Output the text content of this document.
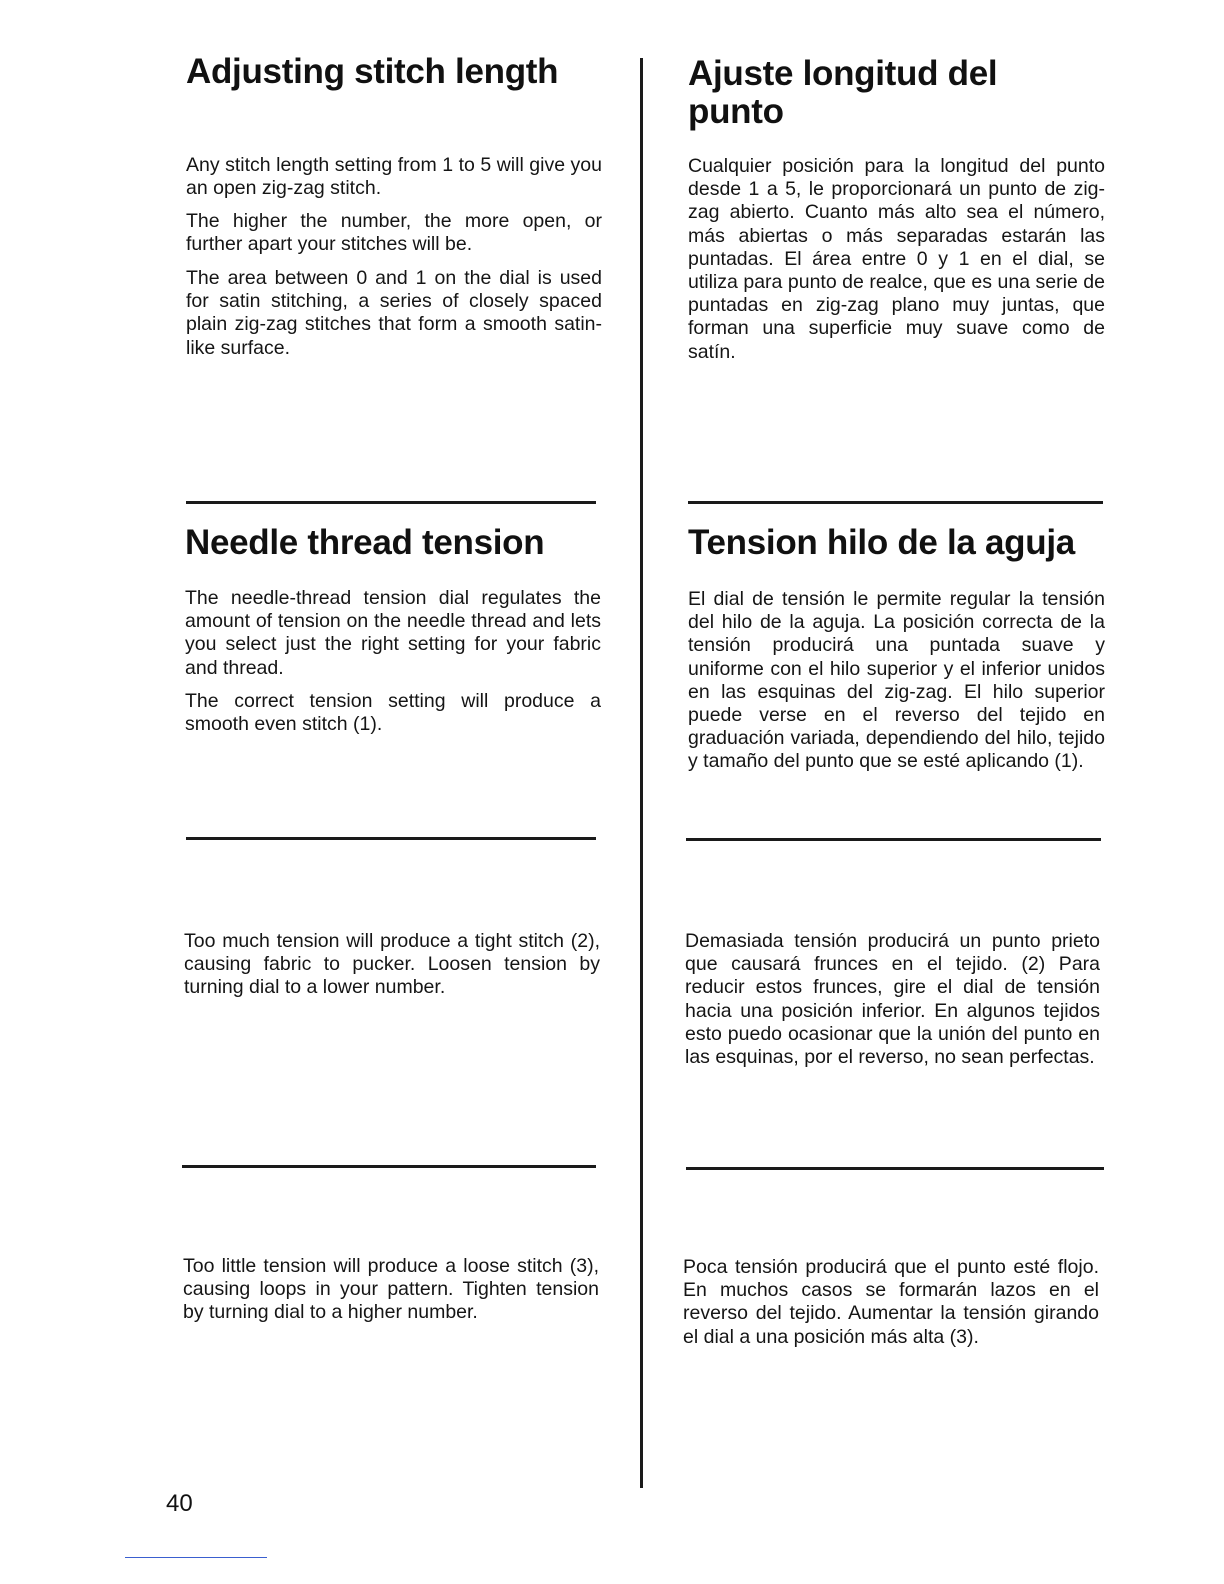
Adjusting stitch length

Any stitch length setting from 1 to 5 will give you an open zig-zag stitch.

The higher the number, the more open, or further apart your stitches will be.

The area between 0 and 1 on the dial is used for satin stitching, a series of closely spaced plain zig-zag stitches that form a smooth satin-like surface.

Needle thread tension

The needle-thread tension dial regulates the amount of tension on the needle thread and lets you select just the right setting for your fabric and thread.

The correct tension setting will produce a smooth even stitch (1).

Too much tension will produce a tight stitch (2), causing fabric to pucker. Loosen tension by turning dial to a lower number.

Too little tension will produce a loose stitch (3), causing loops in your pattern. Tighten tension by turning dial to a higher number.

40
Ajuste longitud del punto

Cualquier posición para la longitud del punto desde 1 a 5, le proporcionará un punto de zig-zag abierto. Cuanto más alto sea el número, más abiertas o más separadas estarán las puntadas. El área entre 0 y 1 en el dial, se utiliza para punto de realce, que es una serie de puntadas en zig-zag plano muy juntas, que forman una superficie muy suave como de satín.

Tension hilo de la aguja

El dial de tensión le permite regular la tensión del hilo de la aguja. La posición correcta de la tensión producirá una puntada suave y uniforme con el hilo superior y el inferior unidos en las esquinas del zig-zag. El hilo superior puede verse en el reverso del tejido en graduación variada, dependiendo del hilo, tejido y tamaño del punto que se esté aplicando (1).

Demasiada tensión producirá un punto prieto que causará frunces en el tejido. (2) Para reducir estos frunces, gire el dial de tensión hacia una posición inferior. En algunos tejidos esto puedo ocasionar que la unión del punto en las esquinas, por el reverso, no sean perfectas.

Poca tensión producirá que el punto esté flojo. En muchos casos se formarán lazos en el reverso del tejido. Aumentar la tensión girando el dial a una posición más alta (3).
